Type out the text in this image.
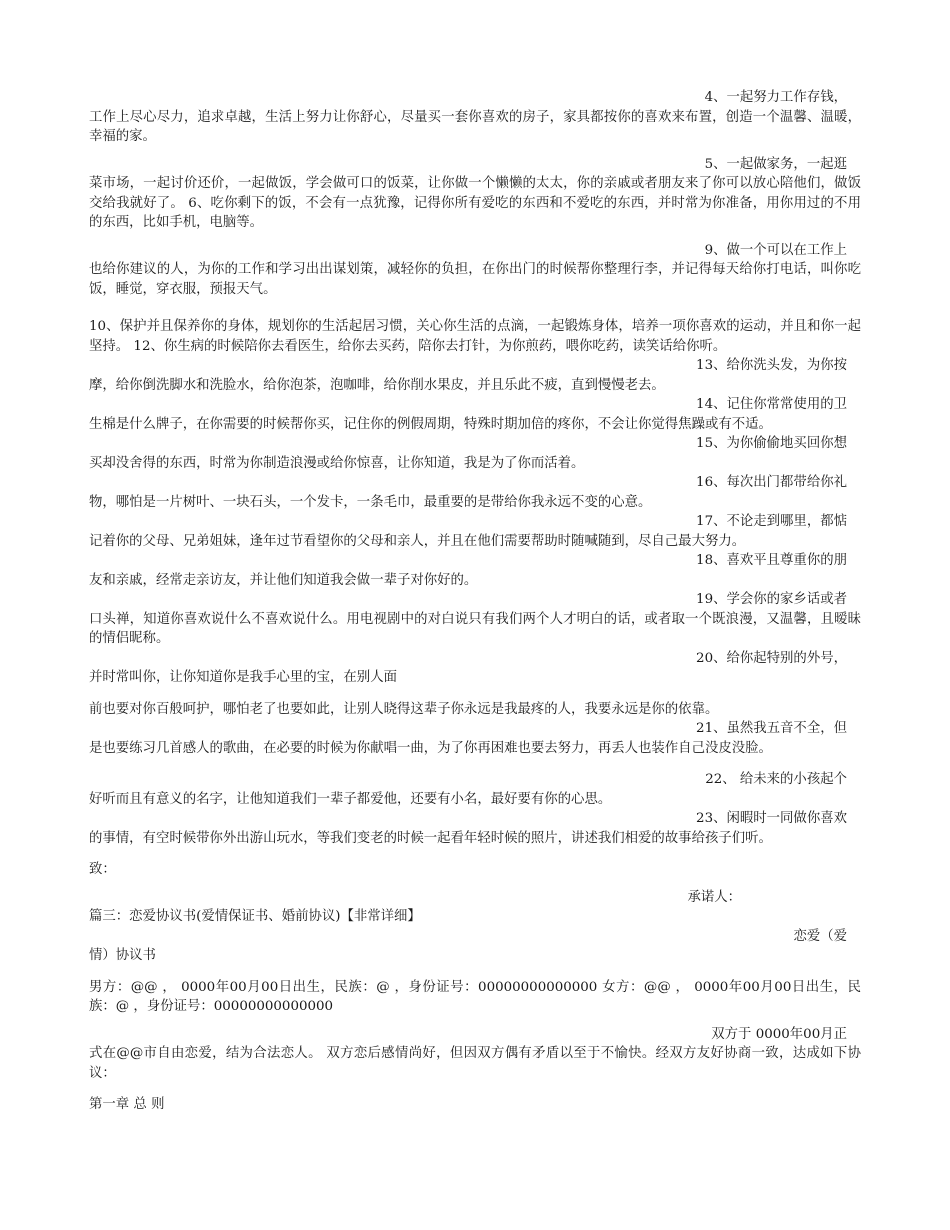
4、一起努力工作存钱，

工作上尽心尽力，追求卓越，生活上努力让你舒心，尽量买一套你喜欢的房子，家具都按你的喜欢来布置，创造一个温馨、温暖，幸福的家。

5、一起做家务，一起逛

菜市场，一起讨价还价，一起做饭，学会做可口的饭菜，让你做一个懒懒的太太，你的亲戚或者朋友来了你可以放心陪他们，做饭交给我就好了。 6、吃你剩下的饭，不会有一点犹豫，记得你所有爱吃的东西和不爱吃的东西，并时常为你准备，用你用过的不用的东西，比如手机，电脑等。

9、做一个可以在工作上

也给你建议的人，为你的工作和学习出出谋划策，减轻你的负担，在你出门的时候帮你整理行李，并记得每天给你打电话，叫你吃饭，睡觉，穿衣服，预报天气。

10、保护并且保养你的身体，规划你的生活起居习惯，关心你生活的点滴，一起锻炼身体，培养一项你喜欢的运动，并且和你一起坚持。 12、你生病的时候陪你去看医生，给你去买药，陪你去打针，为你煎药，喂你吃药，读笑话给你听。

13、给你洗头发，为你按

摩，给你倒洗脚水和洗脸水，给你泡茶，泡咖啡，给你削水果皮，并且乐此不疲，直到慢慢老去。

14、记住你常常使用的卫

生棉是什么牌子，在你需要的时候帮你买，记住你的例假周期，特殊时期加倍的疼你，不会让你觉得焦躁或有不适。

15、为你偷偷地买回你想

买却没舍得的东西，时常为你制造浪漫或给你惊喜，让你知道，我是为了你而活着。

16、每次出门都带给你礼

物，哪怕是一片树叶、一块石头，一个发卡，一条毛巾，最重要的是带给你我永远不变的心意。

17、不论走到哪里，都惦

记着你的父母、兄弟姐妹，逢年过节看望你的父母和亲人，并且在他们需要帮助时随喊随到，尽自己最大努力。

18、喜欢平且尊重你的朋

友和亲戚，经常走亲访友，并让他们知道我会做一辈子对你好的。

19、学会你的家乡话或者

口头禅，知道你喜欢说什么不喜欢说什么。用电视剧中的对白说只有我们两个人才明白的话，或者取一个既浪漫，又温馨，且暧昧的情侣昵称。

20、给你起特别的外号，

并时常叫你，让你知道你是我手心里的宝，在别人面

前也要对你百般呵护，哪怕老了也要如此，让别人晓得这辈子你永远是我最疼的人，我要永远是你的依靠。

21、虽然我五音不全，但

是也要练习几首感人的歌曲，在必要的时候为你献唱一曲，为了你再困难也要去努力，再丢人也装作自己没皮没脸。

22、 给未来的小孩起个

好听而且有意义的名字，让他知道我们一辈子都爱他，还要有小名，最好要有你的心思。

23、闲暇时一同做你喜欢

的事情，有空时候带你外出游山玩水，等我们变老的时候一起看年轻时候的照片，讲述我们相爱的故事给孩子们听。

致：

承诺人：

篇三：恋爱协议书(爱情保证书、婚前协议)【非常详细】

恋爱（爱

情）协议书

男方：@@ ， 0000年00月00日出生，民族：@ ，身份证号：00000000000000 女方：@@ ， 0000年00月00日出生，民族：@ ，身份证号：00000000000000

双方于 0000年00月正

式在@@市自由恋爱，结为合法恋人。 双方恋后感情尚好，但因双方偶有矛盾以至于不愉快。经双方友好协商一致，达成如下协议：

第一章 总 则
